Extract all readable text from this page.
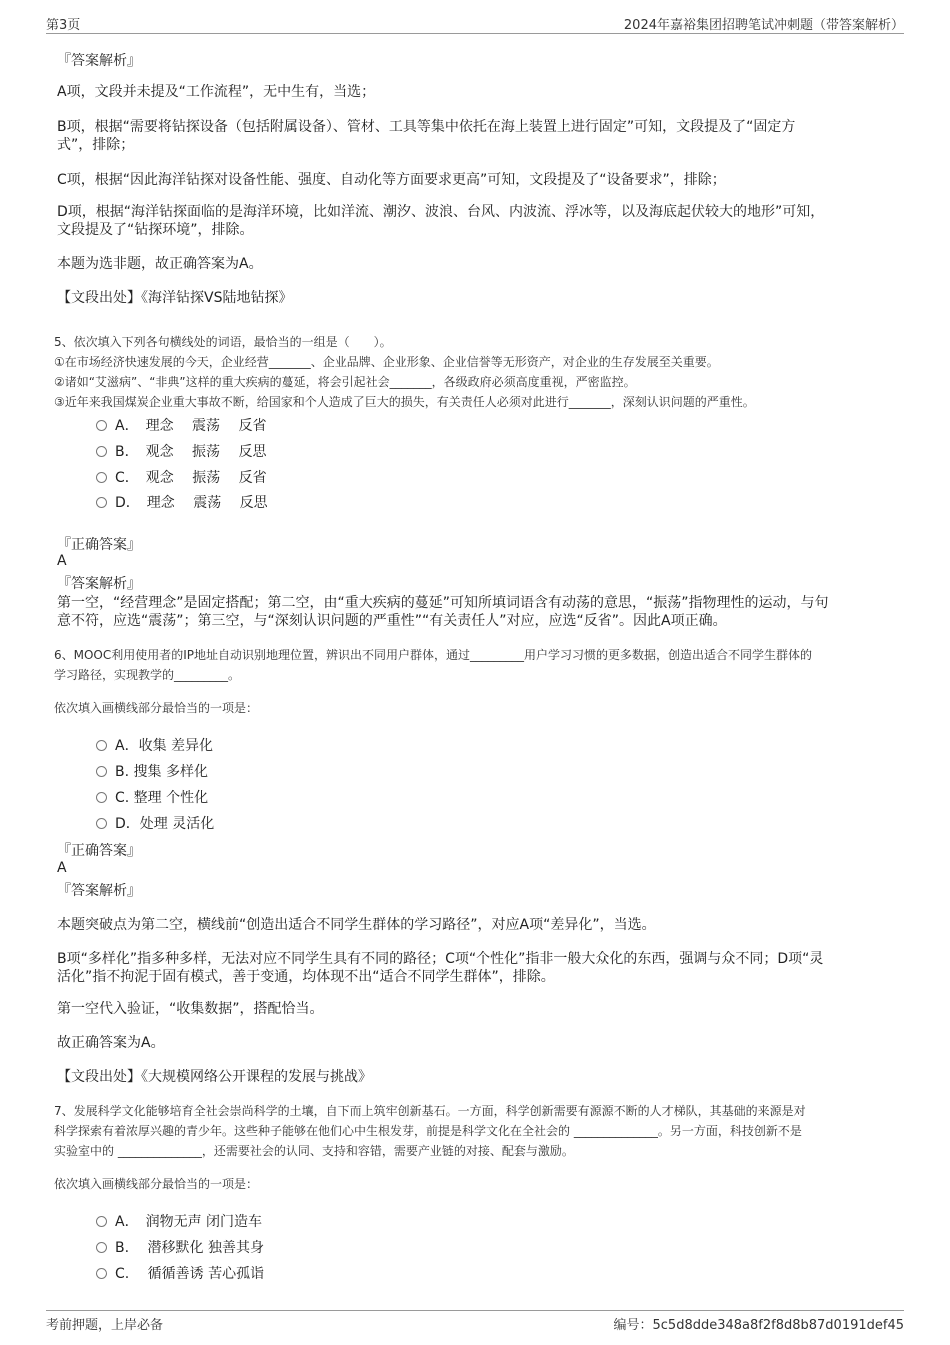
第3页	2024年嘉裕集团招聘笔试冲刺题（带答案解析）
『答案解析』
A项，文段并未提及“工作流程”，无中生有，当选；
B项，根据“需要将钻探设备（包括附属设备）、管材、工具等集中依托在海上装置上进行固定”可知，文段提及了“固定方
式”，排除；
C项，根据“因此海洋钻探对设备性能、强度、自动化等方面要求更高”可知，文段提及了“设备要求”，排除；
D项，根据“海洋钻探面临的是海洋环境，比如洋流、潮汐、波浪、台风、内波流、浮冰等，以及海底起伏较大的地形”可知，
文段提及了“钻探环境”，排除。
本题为选非题，故正确答案为A。
【文段出处】《海洋钻探VS陆地钻探》
5、依次填入下列各句横线处的词语，最恰当的一组是（　　）。
①在市场经济快速发展的今天，企业经营_______、企业品牌、企业形象、企业信誉等无形资产，对企业的生存发展至关重要。
②诸如“艾滋病”、“非典”这样的重大疾病的蔓延，将会引起社会_______，各级政府必须高度重视，严密监控。
③近年来我国煤炭企业重大事故不断，给国家和个人造成了巨大的损失，有关责任人必须对此进行_______，深刻认识问题的严重性。
A．　理念　 震荡　 反省
B．　观念　 振荡　 反思
C．　观念　 振荡　 反省
D．　理念　 震荡　 反思
『正确答案』
A
『答案解析』
第一空，“经营理念”是固定搭配；第二空，由“重大疾病的蔓延”可知所填词语含有动荡的意思，“振荡”指物理性的运动，与句
意不符，应选“震荡”；第三空，与“深刻认识问题的严重性”“有关责任人”对应，应选“反省”。因此A项正确。
6、MOOC利用使用者的IP地址自动识别地理位置，辨识出不同用户群体，通过_________用户学习习惯的更多数据，创造出适合不同学生群体的
学习路径，实现教学的_________。
依次填入画横线部分最恰当的一项是：
A．收集 差异化
B. 搜集 多样化
C. 整理 个性化
D．处理 灵活化
『正确答案』
A
『答案解析』
本题突破点为第二空，横线前“创造出适合不同学生群体的学习路径”，对应A项“差异化”，当选。
B项“多样化”指多种多样，无法对应不同学生具有不同的路径；C项“个性化”指非一般大众化的东西，强调与众不同；D项“灵
活化”指不拘泥于固有模式，善于变通，均体现不出“适合不同学生群体”，排除。
第一空代入验证，“收集数据”，搭配恰当。
故正确答案为A。
【文段出处】《大规模网络公开课程的发展与挑战》
7、发展科学文化能够培育全社会崇尚科学的土壤，自下而上筑牢创新基石。一方面，科学创新需要有源源不断的人才梯队，其基础的来源是对
科学探索有着浓厚兴趣的青少年。这些种子能够在他们心中生根发芽，前提是科学文化在全社会的 ______________。另一方面，科技创新不是
实验室中的 ______________，还需要社会的认同、支持和容错，需要产业链的对接、配套与激励。
依次填入画横线部分最恰当的一项是：
A．　润物无声 闭门造车
B.　 潜移默化 独善其身
C.　 循循善诱 苦心孤诣
考前押题，上岸必备	编号：5c5d8dde348a8f2f8d8b87d0191def45
